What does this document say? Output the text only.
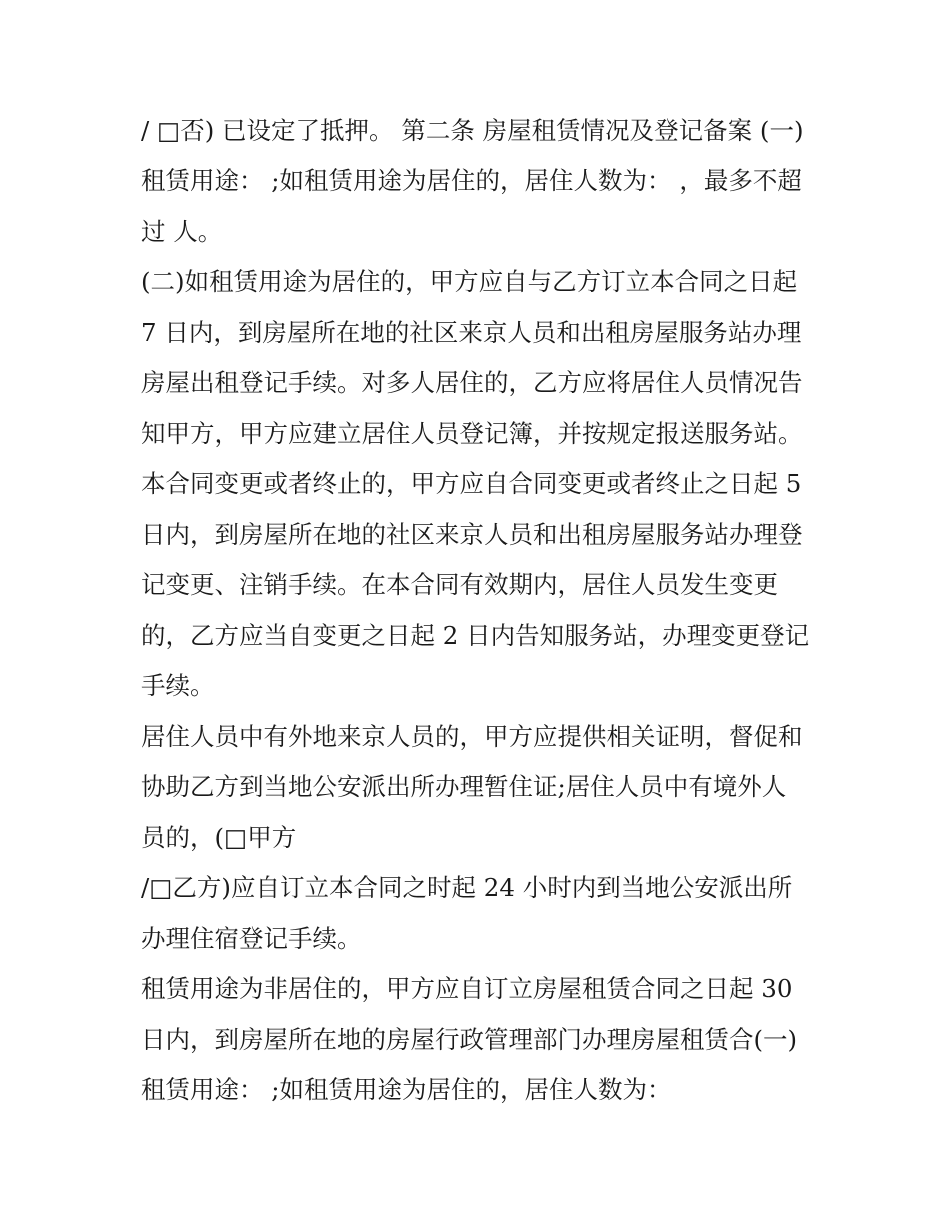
/ □否) 已设定了抵押。 第二条 房屋租赁情况及登记备案 (一)
租赁用途： ;如租赁用途为居住的，居住人数为： ，最多不超
过 人。
(二)如租赁用途为居住的，甲方应自与乙方订立本合同之日起
7 日内，到房屋所在地的社区来京人员和出租房屋服务站办理
房屋出租登记手续。对多人居住的，乙方应将居住人员情况告
知甲方，甲方应建立居住人员登记簿，并按规定报送服务站。
本合同变更或者终止的，甲方应自合同变更或者终止之日起 5
日内，到房屋所在地的社区来京人员和出租房屋服务站办理登
记变更、注销手续。在本合同有效期内，居住人员发生变更
的，乙方应当自变更之日起 2 日内告知服务站，办理变更登记
手续。
居住人员中有外地来京人员的，甲方应提供相关证明，督促和
协助乙方到当地公安派出所办理暂住证;居住人员中有境外人
员的，(□甲方
/□乙方)应自订立本合同之时起 24 小时内到当地公安派出所
办理住宿登记手续。
租赁用途为非居住的，甲方应自订立房屋租赁合同之日起 30
日内，到房屋所在地的房屋行政管理部门办理房屋租赁合(一)
租赁用途： ;如租赁用途为居住的，居住人数为：
